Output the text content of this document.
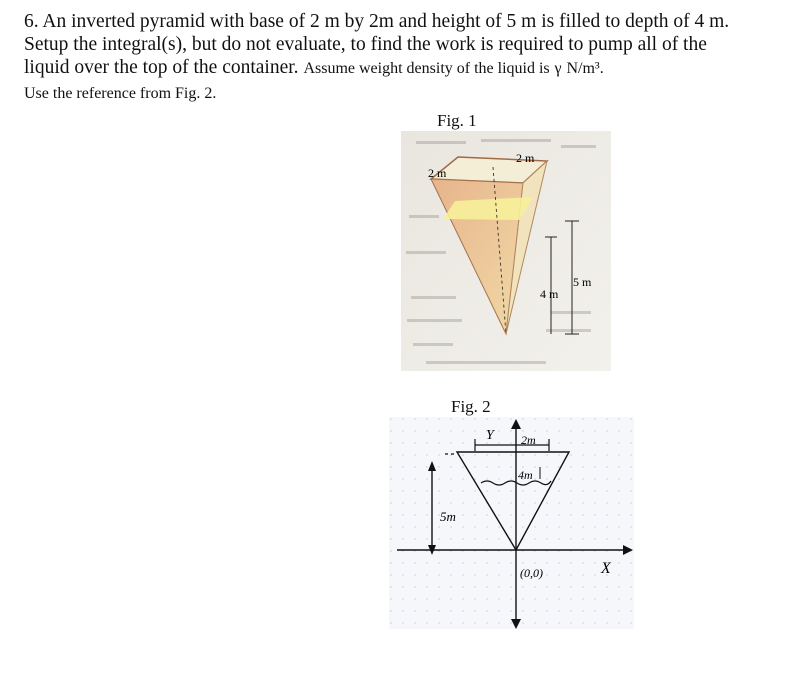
6. An inverted pyramid with base of 2 m by 2m and height of 5 m is filled to depth of 4 m.

Setup the integral(s), but do not evaluate, to find the work is required to pump all of the

liquid over the top of the container. Assume weight density of the liquid is γ N/m³.

Use the reference from Fig. 2.

Fig. 1
2 m
2 m
5 m
4 m
Fig. 2
Y
X
2m
4m
5m
(0,0)
